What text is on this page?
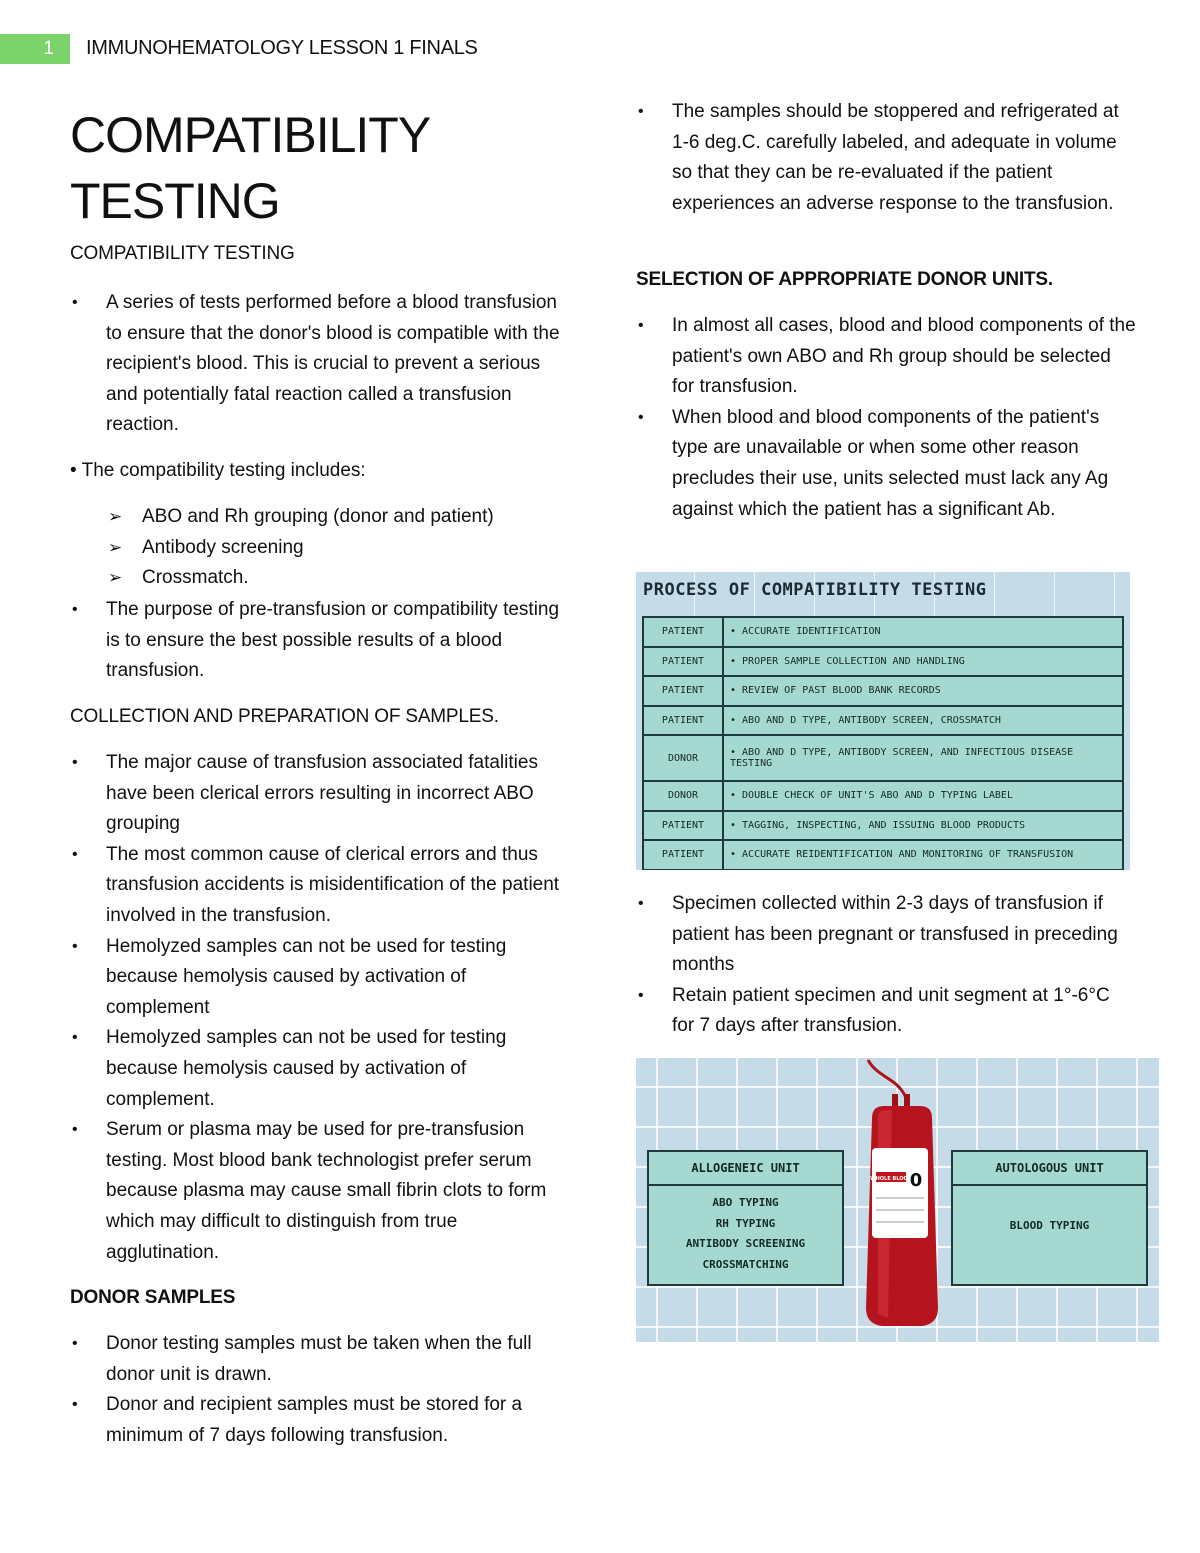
1	IMMUNOHEMATOLOGY LESSON 1 FINALS
COMPATIBILITY
TESTING
COMPATIBILITY TESTING
• A series of tests performed before a blood transfusion to ensure that the donor's blood is compatible with the recipient's blood. This is crucial to prevent a serious and potentially fatal reaction called a transfusion reaction.
• The compatibility testing includes:
➢ ABO and Rh grouping (donor and patient)
➢ Antibody screening
➢ Crossmatch.
• The purpose of pre-transfusion or compatibility testing is to ensure the best possible results of a blood transfusion.
COLLECTION AND PREPARATION OF SAMPLES.
• The major cause of transfusion associated fatalities have been clerical errors resulting in incorrect ABO grouping
• The most common cause of clerical errors and thus transfusion accidents is misidentification of the patient involved in the transfusion.
• Hemolyzed samples can not be used for testing because hemolysis caused by activation of complement
• Hemolyzed samples can not be used for testing because hemolysis caused by activation of complement.
• Serum or plasma may be used for pre-transfusion testing. Most blood bank technologist prefer serum because plasma may cause small fibrin clots to form which may difficult to distinguish from true agglutination.
DONOR SAMPLES
• Donor testing samples must be taken when the full donor unit is drawn.
• Donor and recipient samples must be stored for a minimum of 7 days following transfusion.
• The samples should be stoppered and refrigerated at 1-6 deg.C. carefully labeled, and adequate in volume so that they can be re-evaluated if the patient experiences an adverse response to the transfusion.
SELECTION OF APPROPRIATE DONOR UNITS.
• In almost all cases, blood and blood components of the patient's own ABO and Rh group should be selected for transfusion.
• When blood and blood components of the patient's type are unavailable or when some other reason precludes their use, units selected must lack any Ag against which the patient has a significant Ab.
PROCESS OF COMPATIBILITY TESTING
PATIENT	• ACCURATE IDENTIFICATION
PATIENT	• PROPER SAMPLE COLLECTION AND HANDLING
PATIENT	• REVIEW OF PAST BLOOD BANK RECORDS
PATIENT	• ABO AND D TYPE, ANTIBODY SCREEN, CROSSMATCH
DONOR	• ABO AND D TYPE, ANTIBODY SCREEN, AND INFECTIOUS DISEASE TESTING
DONOR	• DOUBLE CHECK OF UNIT'S ABO AND D TYPING LABEL
PATIENT	• TAGGING, INSPECTING, AND ISSUING BLOOD PRODUCTS
PATIENT	• ACCURATE REIDENTIFICATION AND MONITORING OF TRANSFUSION
• Specimen collected within 2-3 days of transfusion if patient has been pregnant or transfused in preceding months
• Retain patient specimen and unit segment at 1°-6°C for 7 days after transfusion.
ALLOGENEIC UNIT
ABO TYPING
RH TYPING
ANTIBODY SCREENING
CROSSMATCHING
AUTOLOGOUS UNIT
BLOOD TYPING
WHOLE BLOOD
0
